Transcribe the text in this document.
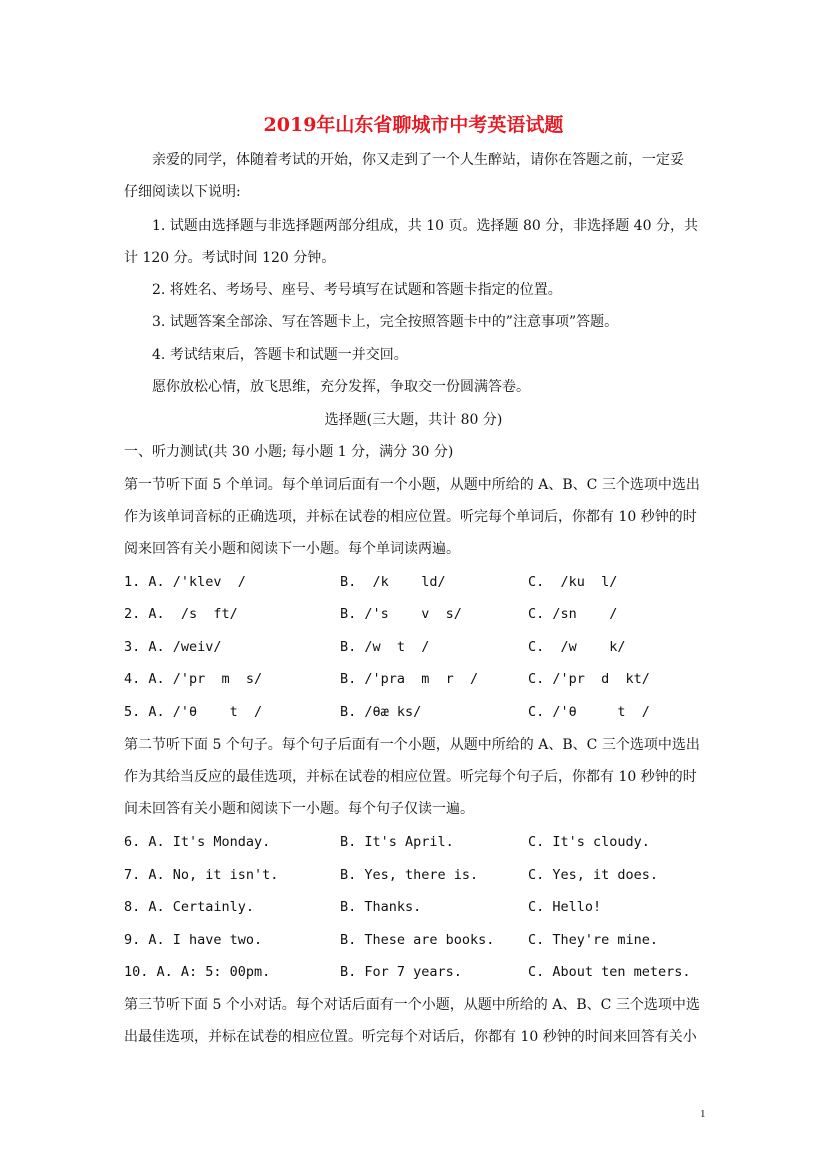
2019年山东省聊城市中考英语试题
亲爱的同学，体随着考试的开始，你又走到了一个人生醉站，请你在答题之前，一定妥
仔细阅读以下说明:
1. 试题由选择题与非选择题两部分组成，共 10 页。选择题 80 分，非选择题 40 分，共
计 120 分。考试时间 120 分钟。
2. 将姓名、考场号、座号、考号填写在试题和答题卡指定的位置。
3. 试题答案全部涂、写在答题卡上，完全按照答题卡中的”注意事项”答题。
4. 考试结束后，答题卡和试题一并交回。
愿你放松心情，放飞思维，充分发挥，争取交一份圆满答卷。
选择题(三大题，共计 80 分)
一、听力测试(共 30 小题; 每小题 1 分，满分 30 分)
第一节听下面 5 个单词。每个单词后面有一个小题，从题中所给的 A、B、C 三个选项中选出
作为该单词音标的正确选项，并标在试卷的相应位置。听完每个单词后，你都有 10 秒钟的时
阅来回答有关小题和阅读下一小题。每个单词读两遍。
1. A. /'klev  /	B.  /k    ld/	C.  /ku  l/
2. A.  /s  ft/	B. /'s    v  s/	C. /sn    /
3. A. /weiv/	B. /w  t  /	C.  /w    k/
4. A. /'pr  m  s/	B. /'pra  m  r  /	C. /'pr  d  kt/
5. A. /'θ    t  /	B. /θæ ks/	C. /'θ     t  /
第二节听下面 5 个句子。每个句子后面有一个小题，从题中所给的 A、B、C 三个选项中选出
作为其给当反应的最佳选项，并标在试卷的相应位置。听完每个句子后，你都有 10 秒钟的时
间未回答有关小题和阅读下一小题。每个句子仅读一遍。
6. A. It's Monday.	B. It's April.	C. It's cloudy.
7. A. No, it isn't.	B. Yes, there is.	C. Yes, it does.
8. A. Certainly.	B. Thanks.	C. Hello!
9. A. I have two.	B. These are books. C. They're mine.
10. A. A: 5: 00pm.	B. For 7 years.	C. About ten meters.
第三节听下面 5 个小对话。每个对话后面有一个小题，从题中所给的 A、B、C 三个选项中选
出最佳选项，并标在试卷的相应位置。听完每个对话后，你都有 10 秒钟的时间来回答有关小
1
